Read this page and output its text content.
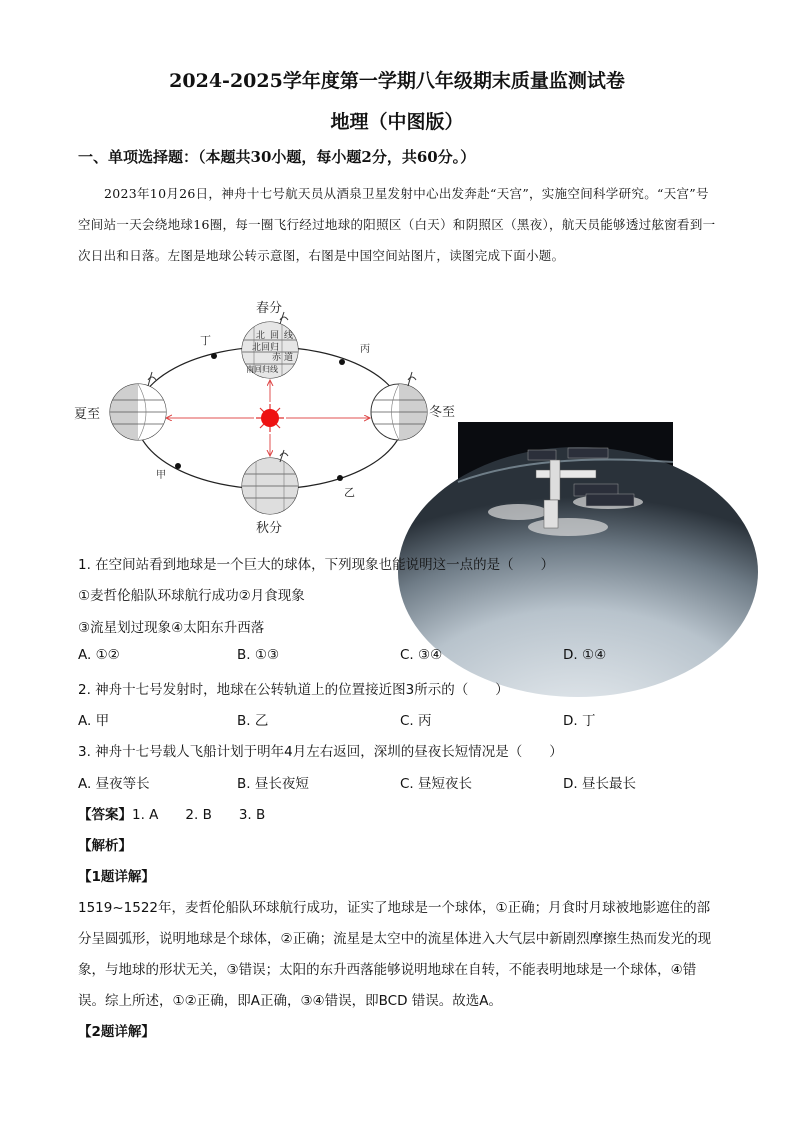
2024-2025学年度第一学期八年级期末质量监测试卷
地理（中图版）
一、单项选择题：（本题共30小题，每小题2分，共60分。）
2023年10月26日，神舟十七号航天员从酒泉卫星发射中心出发奔赴“天宫”，实施空间科学研究。“天宫”号空间站一天会绕地球16圈，每一圈飞行经过地球的阳照区（白天）和阴照区（黑夜），航天员能够透过舷窗看到一次日出和日落。左图是地球公转示意图，右图是中国空间站图片，读图完成下面小题。
北 回 线
北回归
赤 道
南回归线
春分
夏至	冬至
秋分
丁
丙
甲
乙
1. 在空间站看到地球是一个巨大的球体，下列现象也能说明这一点的是（　　）
①麦哲伦船队环球航行成功②月食现象
③流星划过现象④太阳东升西落
A. ①②	B. ①③	C. ③④	D. ①④
2. 神舟十七号发射时，地球在公转轨道上的位置接近图3所示的（　　）
A. 甲	B. 乙	C. 丙	D. 丁
3. 神舟十七号载人飞船计划于明年4月左右返回，深圳的昼夜长短情况是（　　）
A. 昼夜等长	B. 昼长夜短	C. 昼短夜长	D. 昼长最长
【答案】1. A　　2. B　　3. B
【解析】
【1题详解】
1519~1522年，麦哲伦船队环球航行成功，证实了地球是一个球体，①正确；月食时月球被地影遮住的部分呈圆弧形，说明地球是个球体，②正确；流星是太空中的流星体进入大气层中新剧烈摩擦生热而发光的现象，与地球的形状无关，③错误；太阳的东升西落能够说明地球在自转，不能表明地球是一个球体，④错误。综上所述，①②正确，即A正确，③④错误，即BCD 错误。故选A。
【2题详解】
